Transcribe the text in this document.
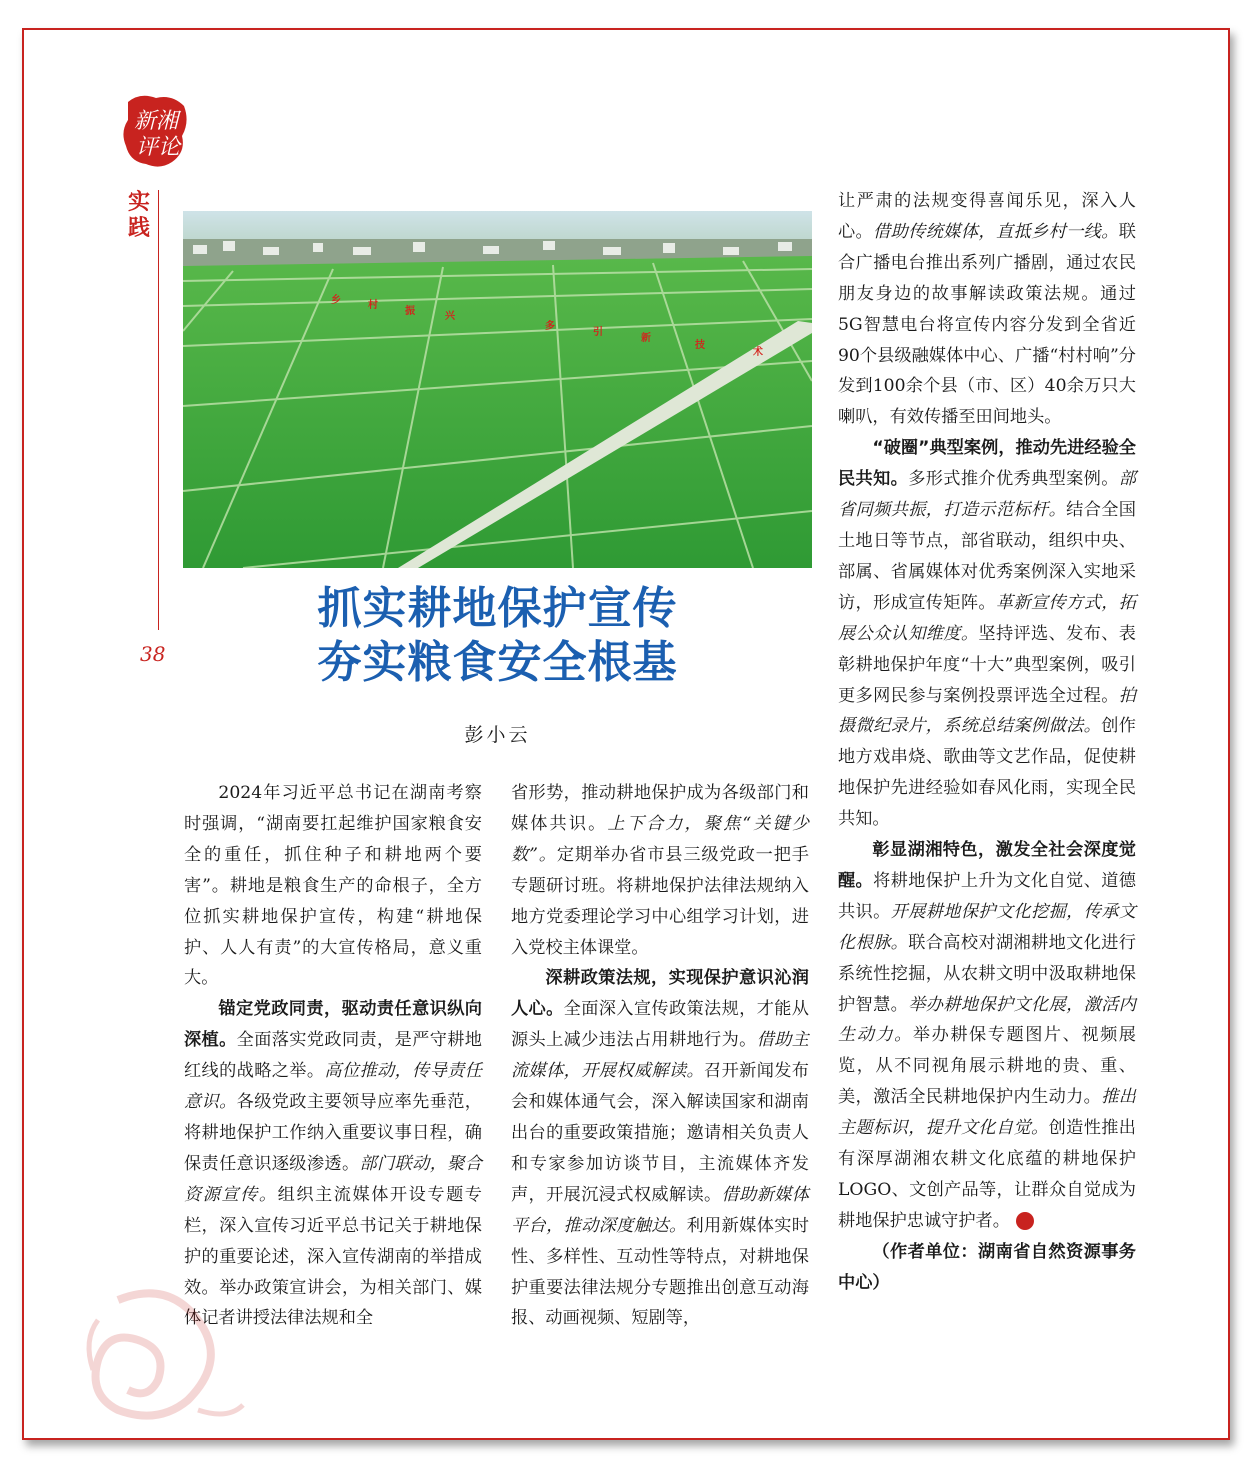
新湘
评论
实践
38
乡	村
振	兴
多
引
新
技
术
抓实耕地保护宣传
夯实粮食安全根基
彭小云

2024年习近平总书记在湖南考察时强调，“湖南要扛起维护国家粮食安全的重任，抓住种子和耕地两个要害”。耕地是粮食生产的命根子，全方位抓实耕地保护宣传，构建“耕地保护、人人有责”的大宣传格局，意义重大。

锚定党政同责，驱动责任意识纵向深植。全面落实党政同责，是严守耕地红线的战略之举。高位推动，传导责任意识。各级党政主要领导应率先垂范，将耕地保护工作纳入重要议事日程，确保责任意识逐级渗透。部门联动，聚合资源宣传。组织主流媒体开设专题专栏，深入宣传习近平总书记关于耕地保护的重要论述，深入宣传湖南的举措成效。举办政策宣讲会，为相关部门、媒体记者讲授法律法规和全

省形势，推动耕地保护成为各级部门和媒体共识。上下合力，聚焦“关键少数”。定期举办省市县三级党政一把手专题研讨班。将耕地保护法律法规纳入地方党委理论学习中心组学习计划，进入党校主体课堂。

深耕政策法规，实现保护意识沁润人心。全面深入宣传政策法规，才能从源头上减少违法占用耕地行为。借助主流媒体，开展权威解读。召开新闻发布会和媒体通气会，深入解读国家和湖南出台的重要政策措施；邀请相关负责人和专家参加访谈节目，主流媒体齐发声，开展沉浸式权威解读。借助新媒体平台，推动深度触达。利用新媒体实时性、多样性、互动性等特点，对耕地保护重要法律法规分专题推出创意互动海报、动画视频、短剧等，

让严肃的法规变得喜闻乐见，深入人心。借助传统媒体，直抵乡村一线。联合广播电台推出系列广播剧，通过农民朋友身边的故事解读政策法规。通过5G智慧电台将宣传内容分发到全省近90个县级融媒体中心、广播“村村响”分发到100余个县（市、区）40余万只大喇叭，有效传播至田间地头。

“破圈”典型案例，推动先进经验全民共知。多形式推介优秀典型案例。部省同频共振，打造示范标杆。结合全国土地日等节点，部省联动，组织中央、部属、省属媒体对优秀案例深入实地采访，形成宣传矩阵。革新宣传方式，拓展公众认知维度。坚持评选、发布、表彰耕地保护年度“十大”典型案例，吸引更多网民参与案例投票评选全过程。拍摄微纪录片，系统总结案例做法。创作地方戏串烧、歌曲等文艺作品，促使耕地保护先进经验如春风化雨，实现全民共知。

彰显湖湘特色，激发全社会深度觉醒。将耕地保护上升为文化自觉、道德共识。开展耕地保护文化挖掘，传承文化根脉。联合高校对湖湘耕地文化进行系统性挖掘，从农耕文明中汲取耕地保护智慧。举办耕地保护文化展，激活内生动力。举办耕保专题图片、视频展览，从不同视角展示耕地的贵、重、美，激活全民耕地保护内生动力。推出主题标识，提升文化自觉。创造性推出有深厚湖湘农耕文化底蕴的耕地保护LOGO、文创产品等，让群众自觉成为耕地保护忠诚守护者。

（作者单位：湖南省自然资源事务中心）
